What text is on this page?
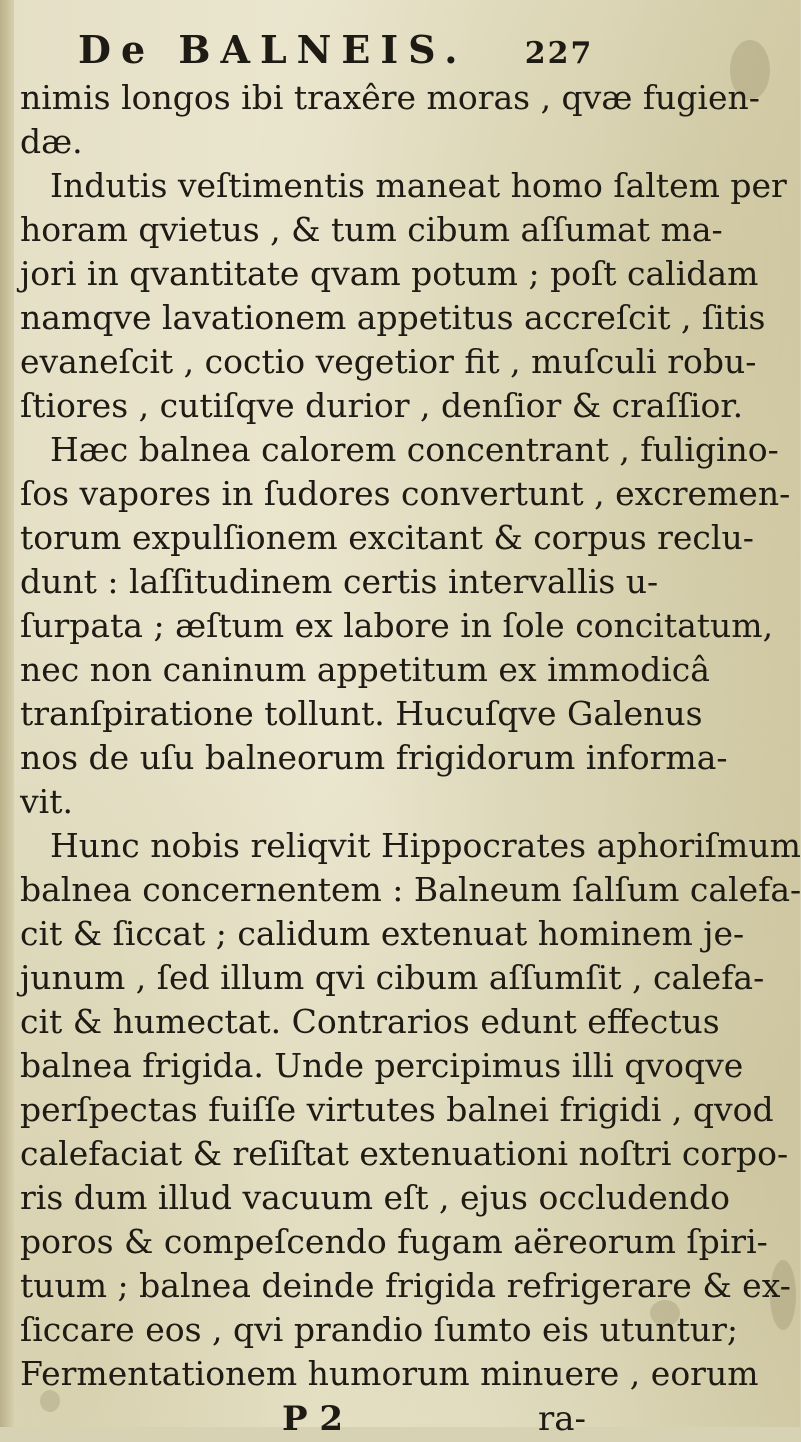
De BALNEIS. 227
nimis longos ibi traxêre moras , qvæ fugien-
dæ.
Indutis veſtimentis maneat homo ſaltem per
horam qvietus , & tum cibum aſſumat ma-
jori in qvantitate qvam potum ; poſt calidam
namqve lavationem appetitus accreſcit , ſitis
evaneſcit , coctio vegetior fit , muſculi robu-
ſtiores , cutiſqve durior , denſior & craſſior.
Hæc balnea calorem concentrant , fuligino-
ſos vapores in ſudores convertunt , excremen-
torum expulſionem excitant & corpus reclu-
dunt : laſſitudinem certis intervallis u-
ſurpata ; æſtum ex labore in ſole concitatum,
nec non caninum appetitum ex immodicâ
tranſpiratione tollunt. Hucuſqve Galenus
nos de uſu balneorum frigidorum informa-
vit.
Hunc nobis reliqvit Hippocrates aphoriſmum
balnea concernentem : Balneum ſalſum calefa-
cit & ſiccat ; calidum extenuat hominem je-
junum , ſed illum qvi cibum aſſumſit , calefa-
cit & humectat. Contrarios edunt effectus
balnea frigida. Unde percipimus illi qvoqve
perſpectas fuiſſe virtutes balnei frigidi , qvod
calefaciat & reſiſtat extenuationi noſtri corpo-
ris dum illud vacuum eſt , ejus occludendo
poros & compeſcendo fugam aëreorum ſpiri-
tuum ; balnea deinde frigida refrigerare & ex-
ſiccare eos , qvi prandio ſumto eis utuntur;
Fermentationem humorum minuere , eorum
P 2	ra-
